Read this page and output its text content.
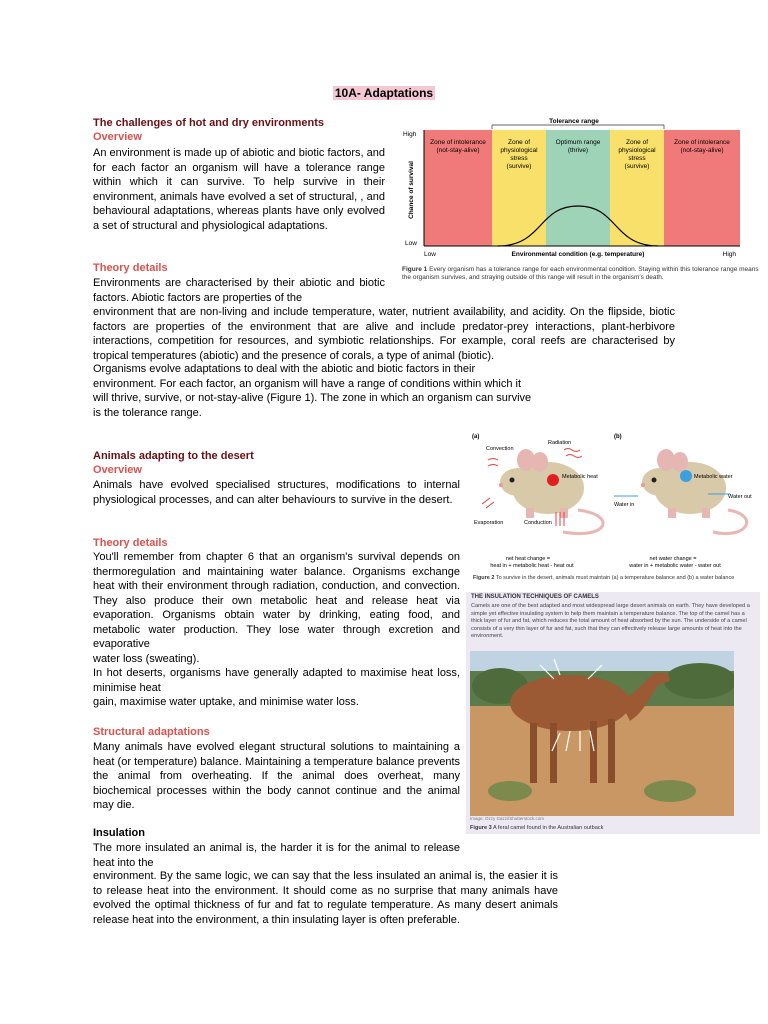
10A- Adaptations
The challenges of hot and dry environments
Overview
An environment is made up of abiotic and biotic factors, and for each factor an organism will have a tolerance range within which it can survive. To help survive in their environment, animals have evolved a set of structural, , and behavioural adaptations, whereas plants have only evolved a set of structural and physiological adaptations.
Theory details
Environments are characterised by their abiotic and biotic factors. Abiotic factors are properties of the
environment that are non-living and include temperature, water, nutrient availability, and acidity. On the flipside, biotic factors are properties of the environment that are alive and include predator-prey interactions, plant-herbivore interactions, competition for resources, and symbiotic relationships. For example, coral reefs are characterised by tropical temperatures (abiotic) and the presence of corals, a type of animal (biotic).
Organisms evolve adaptations to deal with the abiotic and biotic factors in their
environment. For each factor, an organism will have a range of conditions within which it
will thrive, survive, or not-stay-alive (Figure 1). The zone in which an organism can survive
is the tolerance range.
Tolerance range
Zone of intolerance (not-stay-alive)
Zone of physiological stress (survive)
Optimum range (thrive)
Zone of physiological stress (survive)
Zone of intolerance (not-stay-alive)
High
Low
Chance of survival
Low	High
Environmental condition (e.g. temperature)
Figure 1 Every organism has a tolerance range for each environmental condition. Staying within this tolerance range means the organism survives, and straying outside of this range will result in the organism's death.
Animals adapting to the desert
Overview
Animals have evolved specialised structures, modifications to internal physiological processes, and can alter behaviours to survive in the desert.
Theory details
You'll remember from chapter 6 that an organism's survival depends on thermoregulation and maintaining water balance. Organisms exchange heat with their environment through radiation, conduction, and convection. They also produce their own metabolic heat and release heat via evaporation. Organisms obtain water by drinking, eating food, and metabolic water production. They lose water through excretion and evaporative
water loss (sweating).
In hot deserts, organisms have generally adapted to maximise heat loss, minimise heat
gain, maximise water uptake, and minimise water loss.
Structural adaptations
Many animals have evolved elegant structural solutions to maintaining a heat (or temperature) balance. Maintaining a temperature balance prevents the animal from overheating. If the animal does overheat, many biochemical processes within the body cannot continue and the animal may die.
Insulation
The more insulated an animal is, the harder it is for the animal to release heat into the
environment. By the same logic, we can say that the less insulated an animal is, the easier it is to release heat into the environment. It should come as no surprise that many animals have evolved the optimal thickness of fur and fat to regulate temperature. As many desert animals release heat into the environment, a thin insulating layer is often preferable.
(a)	(b)
Convection
Radiation
Metabolic heat
Evaporation	Conduction
Metabolic water
Water out
Water in
net heat change =
heat in + metabolic heat - heat out
net water change =
water in + metabolic water - water out
Figure 2 To survive in the desert, animals must maintain (a) a temperature balance and (b) a water balance
THE INSULATION TECHNIQUES OF CAMELS
Camels are one of the best adapted and most widespread large desert animals on earth. They have developed a simple yet effective insulating system to help them maintain a temperature balance. The top of the camel has a thick layer of fur and fat, which reduces the total amount of heat absorbed by the sun. The underside of a camel consists of a very thin layer of fur and fat, such that they can effectively release large amounts of heat into the environment.
Image: Ozzy Gazzi/Shutterstock.com
Figure 3 A feral camel found in the Australian outback
